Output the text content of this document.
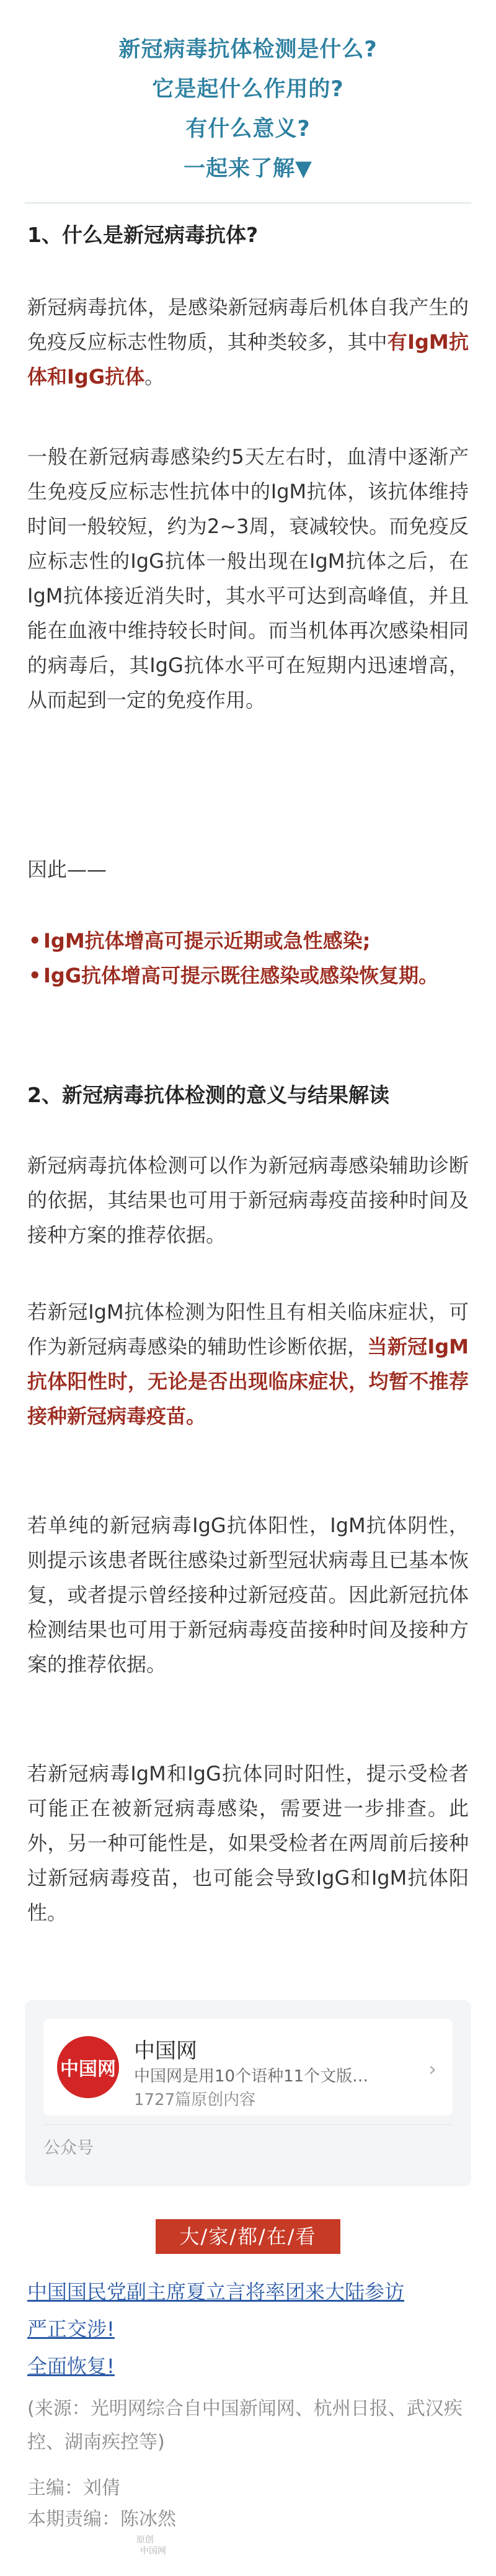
新冠病毒抗体检测是什么?
它是起什么作用的?
有什么意义?
一起来了解▼
1、什么是新冠病毒抗体?

新冠病毒抗体，是感染新冠病毒后机体自我产生的免疫反应标志性物质，其种类较多，其中有IgM抗体和IgG抗体。

一般在新冠病毒感染约5天左右时，血清中逐渐产生免疫反应标志性抗体中的IgM抗体，该抗体维持时间一般较短，约为2~3周，衰减较快。而免疫反应标志性的IgG抗体一般出现在IgM抗体之后，在IgM抗体接近消失时，其水平可达到高峰值，并且能在血液中维持较长时间。而当机体再次感染相同的病毒后，其IgG抗体水平可在短期内迅速增高，从而起到一定的免疫作用。

因此——

• IgM抗体增高可提示近期或急性感染;
• IgG抗体增高可提示既往感染或感染恢复期。
2、新冠病毒抗体检测的意义与结果解读

新冠病毒抗体检测可以作为新冠病毒感染辅助诊断的依据，其结果也可用于新冠病毒疫苗接种时间及接种方案的推荐依据。

若新冠IgM抗体检测为阳性且有相关临床症状，可作为新冠病毒感染的辅助性诊断依据，当新冠IgM抗体阳性时，无论是否出现临床症状，均暂不推荐接种新冠病毒疫苗。

若单纯的新冠病毒IgG抗体阳性，IgM抗体阴性，则提示该患者既往感染过新型冠状病毒且已基本恢复，或者提示曾经接种过新冠疫苗。因此新冠抗体检测结果也可用于新冠病毒疫苗接种时间及接种方案的推荐依据。

若新冠病毒IgM和IgG抗体同时阳性，提示受检者可能正在被新冠病毒感染，需要进一步排查。此外，另一种可能性是，如果受检者在两周前后接种过新冠病毒疫苗，也可能会导致IgG和IgM抗体阳性。

中国网
中国网
中国网是用10个语种11个文版…
1727篇原创内容
›
公众号
大/家/都/在/看
中国国民党副主席夏立言将率团来大陆参访
严正交涉!
全面恢复!
(来源：光明网综合自中国新闻网、杭州日报、武汉疾控、湖南疾控等)
主编：刘倩
本期责编：陈冰然
原创
中国网
